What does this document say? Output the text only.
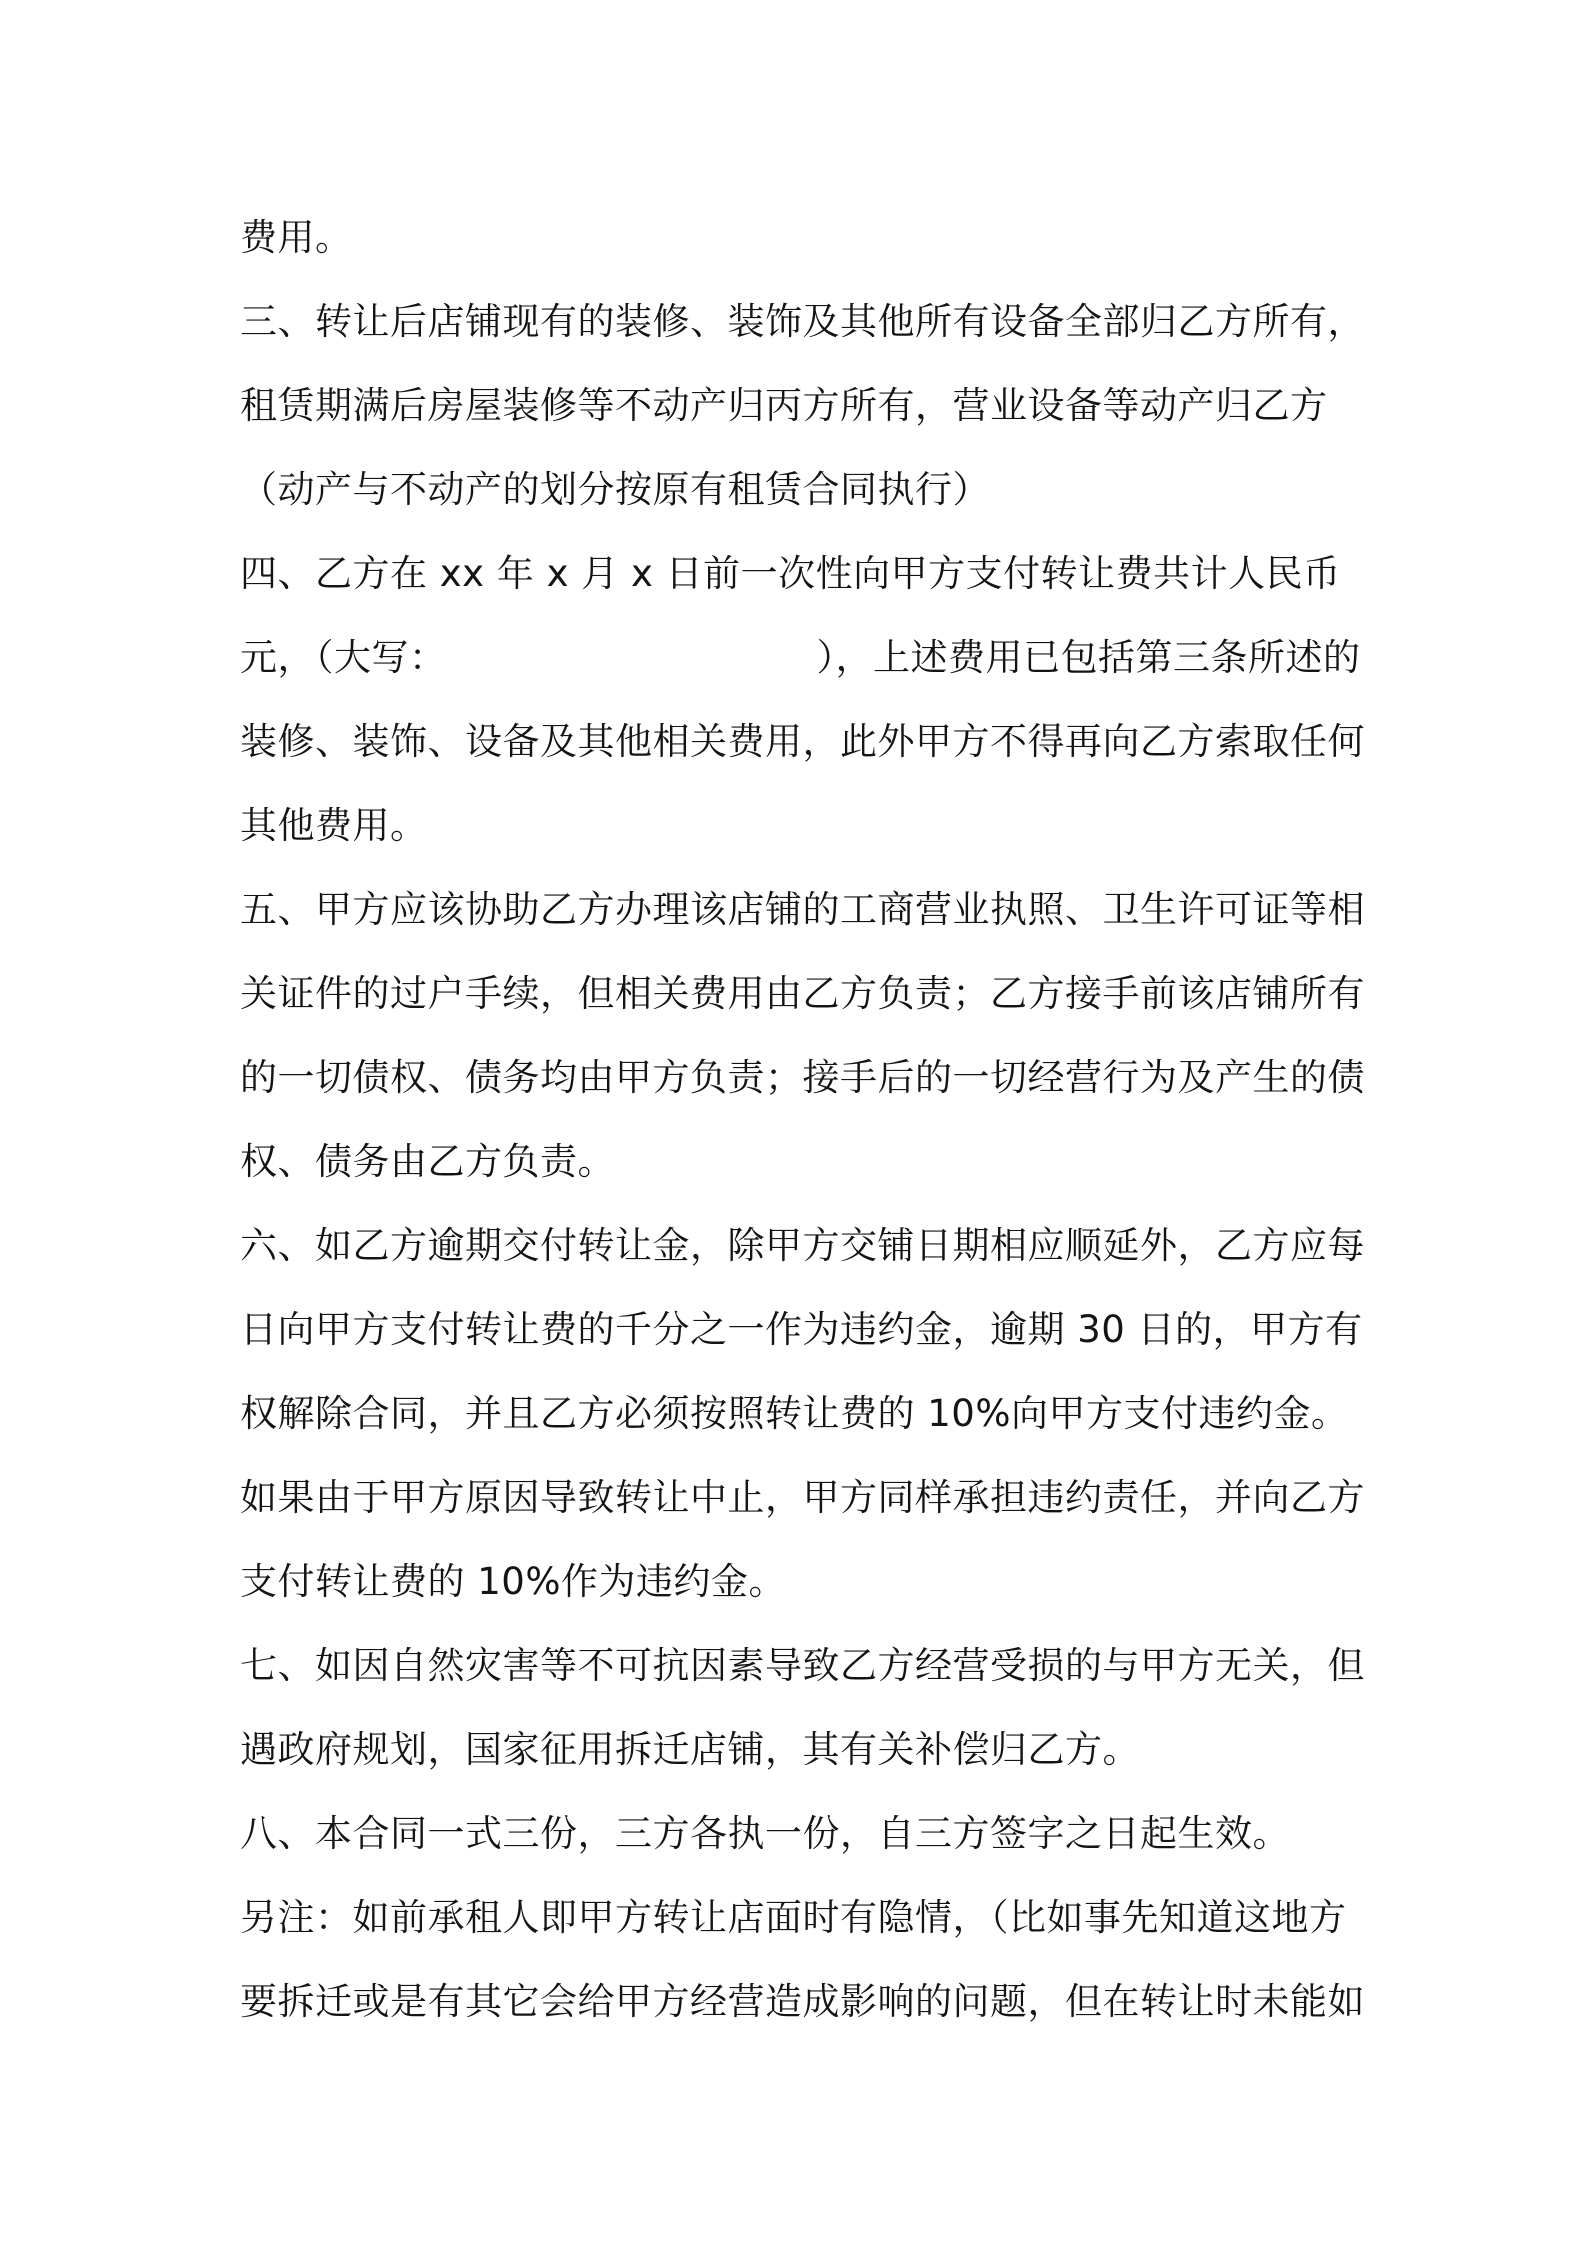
费用。
三、转让后店铺现有的装修、装饰及其他所有设备全部归乙方所有，
租赁期满后房屋装修等不动产归丙方所有，营业设备等动产归乙方
（动产与不动产的划分按原有租赁合同执行）
四、乙方在 xx 年 x 月 x 日前一次性向甲方支付转让费共计人民币
元，（大写：	），上述费用已包括第三条所述的
装修、装饰、设备及其他相关费用，此外甲方不得再向乙方索取任何
其他费用。
五、甲方应该协助乙方办理该店铺的工商营业执照、卫生许可证等相
关证件的过户手续，但相关费用由乙方负责；乙方接手前该店铺所有
的一切债权、债务均由甲方负责；接手后的一切经营行为及产生的债
权、债务由乙方负责。
六、如乙方逾期交付转让金，除甲方交铺日期相应顺延外，乙方应每
日向甲方支付转让费的千分之一作为违约金，逾期 30 日的，甲方有
权解除合同，并且乙方必须按照转让费的 10%向甲方支付违约金。
如果由于甲方原因导致转让中止，甲方同样承担违约责任，并向乙方
支付转让费的 10%作为违约金。
七、如因自然灾害等不可抗因素导致乙方经营受损的与甲方无关，但
遇政府规划，国家征用拆迁店铺，其有关补偿归乙方。
八、本合同一式三份，三方各执一份，自三方签字之日起生效。
另注：如前承租人即甲方转让店面时有隐情，（比如事先知道这地方
要拆迁或是有其它会给甲方经营造成影响的问题，但在转让时未能如
